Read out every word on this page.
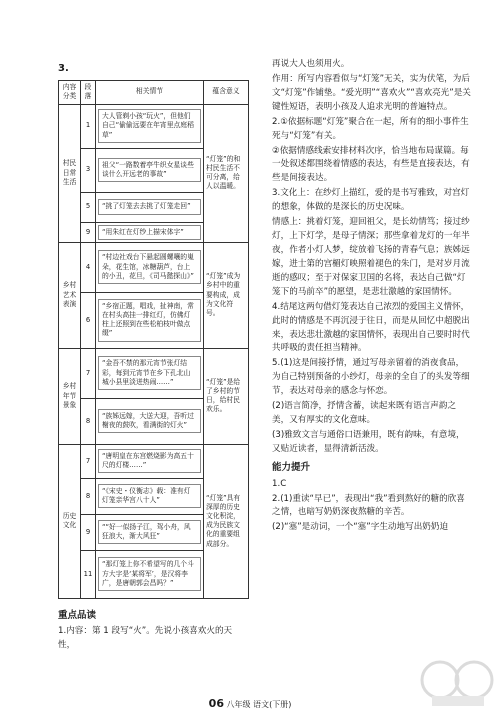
3.
内容分类	段落	相关情节	蕴含意义
村民日常生活	1	大人管剃小孩“玩火”，但他们自己“偷偷远要在年宵里点庭稻草”	“灯笼”的和村民生活不可分离，给人以温暖。
	3	祖父“一路数着亭牛织女星谈些谈什么开远老的事故”	

	5	“挑了灯笼去去挑了灯笼走回”	

	9	“用朱红在灯纱上描宋体字”	

乡村艺术表演	4	“村边社戏台下悬起圆螺嚷的嵬朵，花生馆，冰糖葫芦，台上的小丑，花旦，《司马懿探山》”	“灯笼”成为乡村中的重要构成，成为文化符号。
	6	“乡宿正题，唱戏，扯神南，常在村头高挂一排红灯，仿佛灯柱上还照到在些松柏枝叶做点缀”	

乡村年节景象	7	“金吾不禁的那元宵节张灯结彩，每到元宵节在乡下孔北山城小县里淡迸热闹……”	“灯笼”是给了乡村的节日，给村民欢乐。
	8	“族姊远嫁，大送大迎，吾听过榭夜的鼓吹，看满街的灯火”	

历史文化	7	“唐明皇在东宫燃烧影为高五十尺的灯楼……”	“灯笼”具有深厚的历史文化积淀，成为民族文化的重要组成部分。
	8	“《宋史・仪衡志》载：准有灯灯笼亲华宫八十人”	

	9	““好一似扬子江，驾小舟，风狂浪大，渐大风狂”	

	11	“那灯笼上你不希望写的几个斗方大字是‘某将军’，是汉将李广，是唐朝郭会昌吗？”	
重点品读
1.内容：第 1 段写“火”。先说小孩喜欢火的天性，
再说大人也须用火。
作用：所写内容看似与“灯笼”无关，实为伏笔，为后文“灯笼”作铺垫。“爱光明”“喜欢火”“喜欢亮光”是关键性短语，表明小孩及人追求光明的普遍特点。
2.①依据标题“灯笼”聚合在一起，所有的细小事件生死与“灯笼”有关。
②依据情感线索安排材料次序，恰当地布局谋篇。每一处叙述都围绕着情感的表达，有些是直接表达，有些是间接表达。
3.文化上：在纱灯上描红，爱的是书写雅致，对宫灯的想象，体做的是深长的历史况味。
情感上：挑着灯笼，迎回祖父，是长幼情笃；接过纱灯，上下灯学，是母子情深；那些拿着龙灯的一年半夜，作者小灯人梦，绽放着飞扬的青春气息；族姊远嫁，进士第的宫楣灯映照着褪色的朱门，是对岁月流逝的感叹；至于对保家卫国的名将，表达自己做“灯笼下的马前卒”的愿望，是悲壮激越的家国情怀。
4.结尾这两句借灯笼表达自己浓烈的爱国主义情怀，此时的情感是不再沉浸于往日，而是从回忆中超脱出来，表达悲壮激越的家国情怀，表现出自己要时时代共呼吸的责任担当精神。
5.(1)这是间接抒情，通过写母亲留着的消夜食品，为自己特别预备的小纱灯，母亲的全自了的头发等细节，表达对母亲的感念与怀恋。
(2)语言简净，抒情含蓄，读起来既有语言声韵之美，又有厚实的文化意味。
(3)雅致文言与通俗口语兼用，既有韵味，有意境，又贴近读者，显得清新活泼。
能力提升
1.C
2.(1)重读“早已”，表现出“我”看到熬好的糖的欣喜之情，也暗写奶奶深夜熬糖的辛苦。
(2)“塞”是动词，一个“塞”字生动地写出奶奶迫
06 八年级 语文(下册)
